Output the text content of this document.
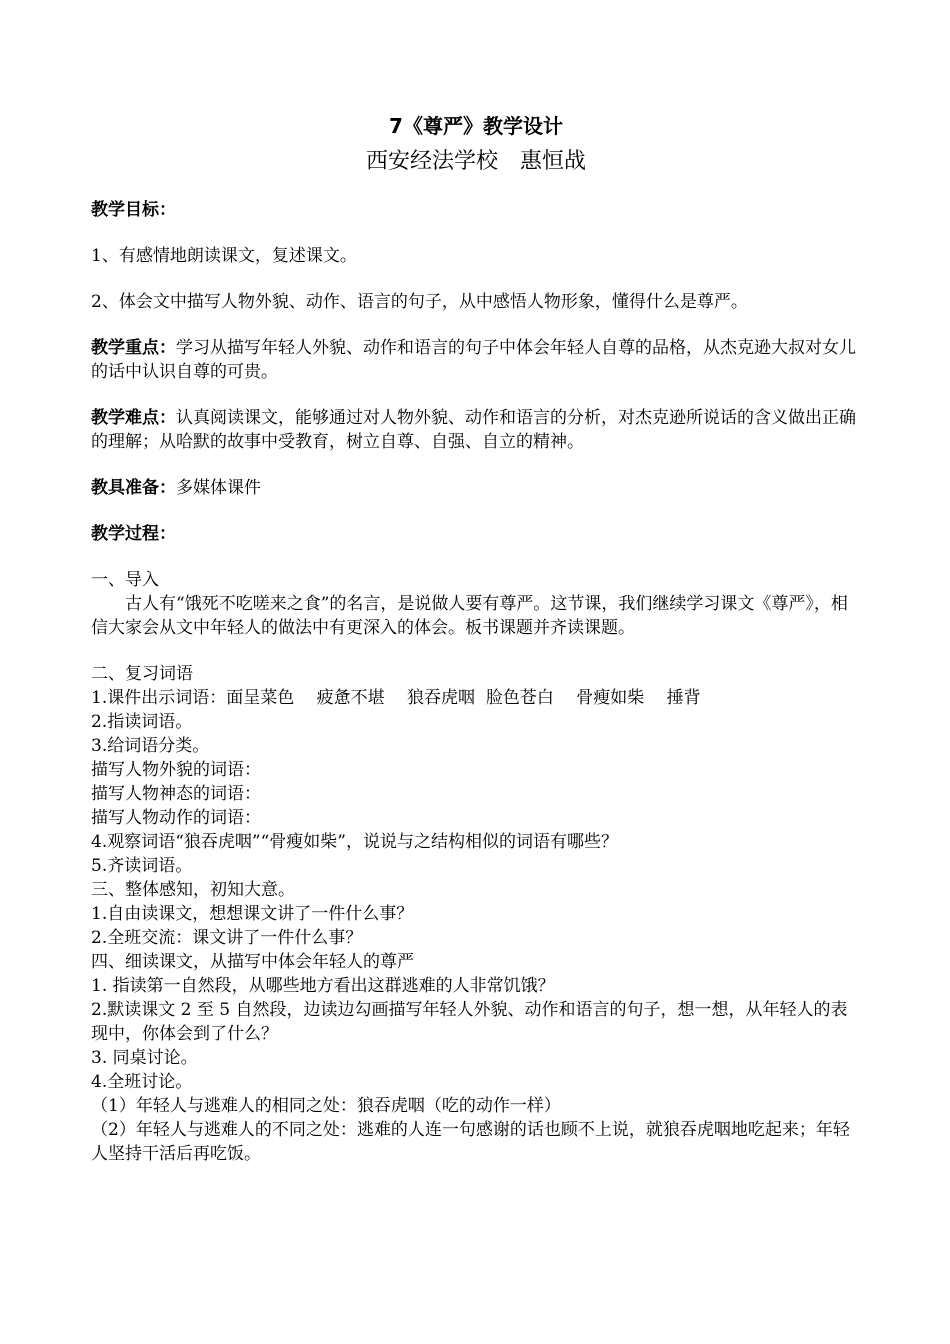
7《尊严》教学设计
西安经法学校　惠恒战

教学目标：

1、有感情地朗读课文，复述课文。

2、体会文中描写人物外貌、动作、语言的句子，从中感悟人物形象，懂得什么是尊严。

教学重点：学习从描写年轻人外貌、动作和语言的句子中体会年轻人自尊的品格，从杰克逊大叔对女儿的话中认识自尊的可贵。

教学难点：认真阅读课文，能够通过对人物外貌、动作和语言的分析，对杰克逊所说话的含义做出正确的理解；从哈默的故事中受教育，树立自尊、自强、自立的精神。

教具准备：多媒体课件

教学过程：

一、导入

古人有“饿死不吃嗟来之食”的名言，是说做人要有尊严。这节课，我们继续学习课文《尊严》，相信大家会从文中年轻人的做法中有更深入的体会。板书课题并齐读课题。

二、复习词语

1.课件出示词语：面呈菜色　 疲惫不堪　 狼吞虎咽  脸色苍白　 骨瘦如柴　 捶背

2.指读词语。

3.给词语分类。

描写人物外貌的词语：

描写人物神态的词语：

描写人物动作的词语：

4.观察词语“狼吞虎咽”“骨瘦如柴”，说说与之结构相似的词语有哪些？

5.齐读词语。

三、整体感知，初知大意。

1.自由读课文，想想课文讲了一件什么事？

2.全班交流：课文讲了一件什么事？

四、细读课文，从描写中体会年轻人的尊严

1. 指读第一自然段，从哪些地方看出这群逃难的人非常饥饿？

2.默读课文 2 至 5 自然段，边读边勾画描写年轻人外貌、动作和语言的句子，想一想，从年轻人的表现中，你体会到了什么？

3. 同桌讨论。

4.全班讨论。

（1）年轻人与逃难人的相同之处：狼吞虎咽（吃的动作一样）

（2）年轻人与逃难人的不同之处：逃难的人连一句感谢的话也顾不上说，就狼吞虎咽地吃起来；年轻人坚持干活后再吃饭。
